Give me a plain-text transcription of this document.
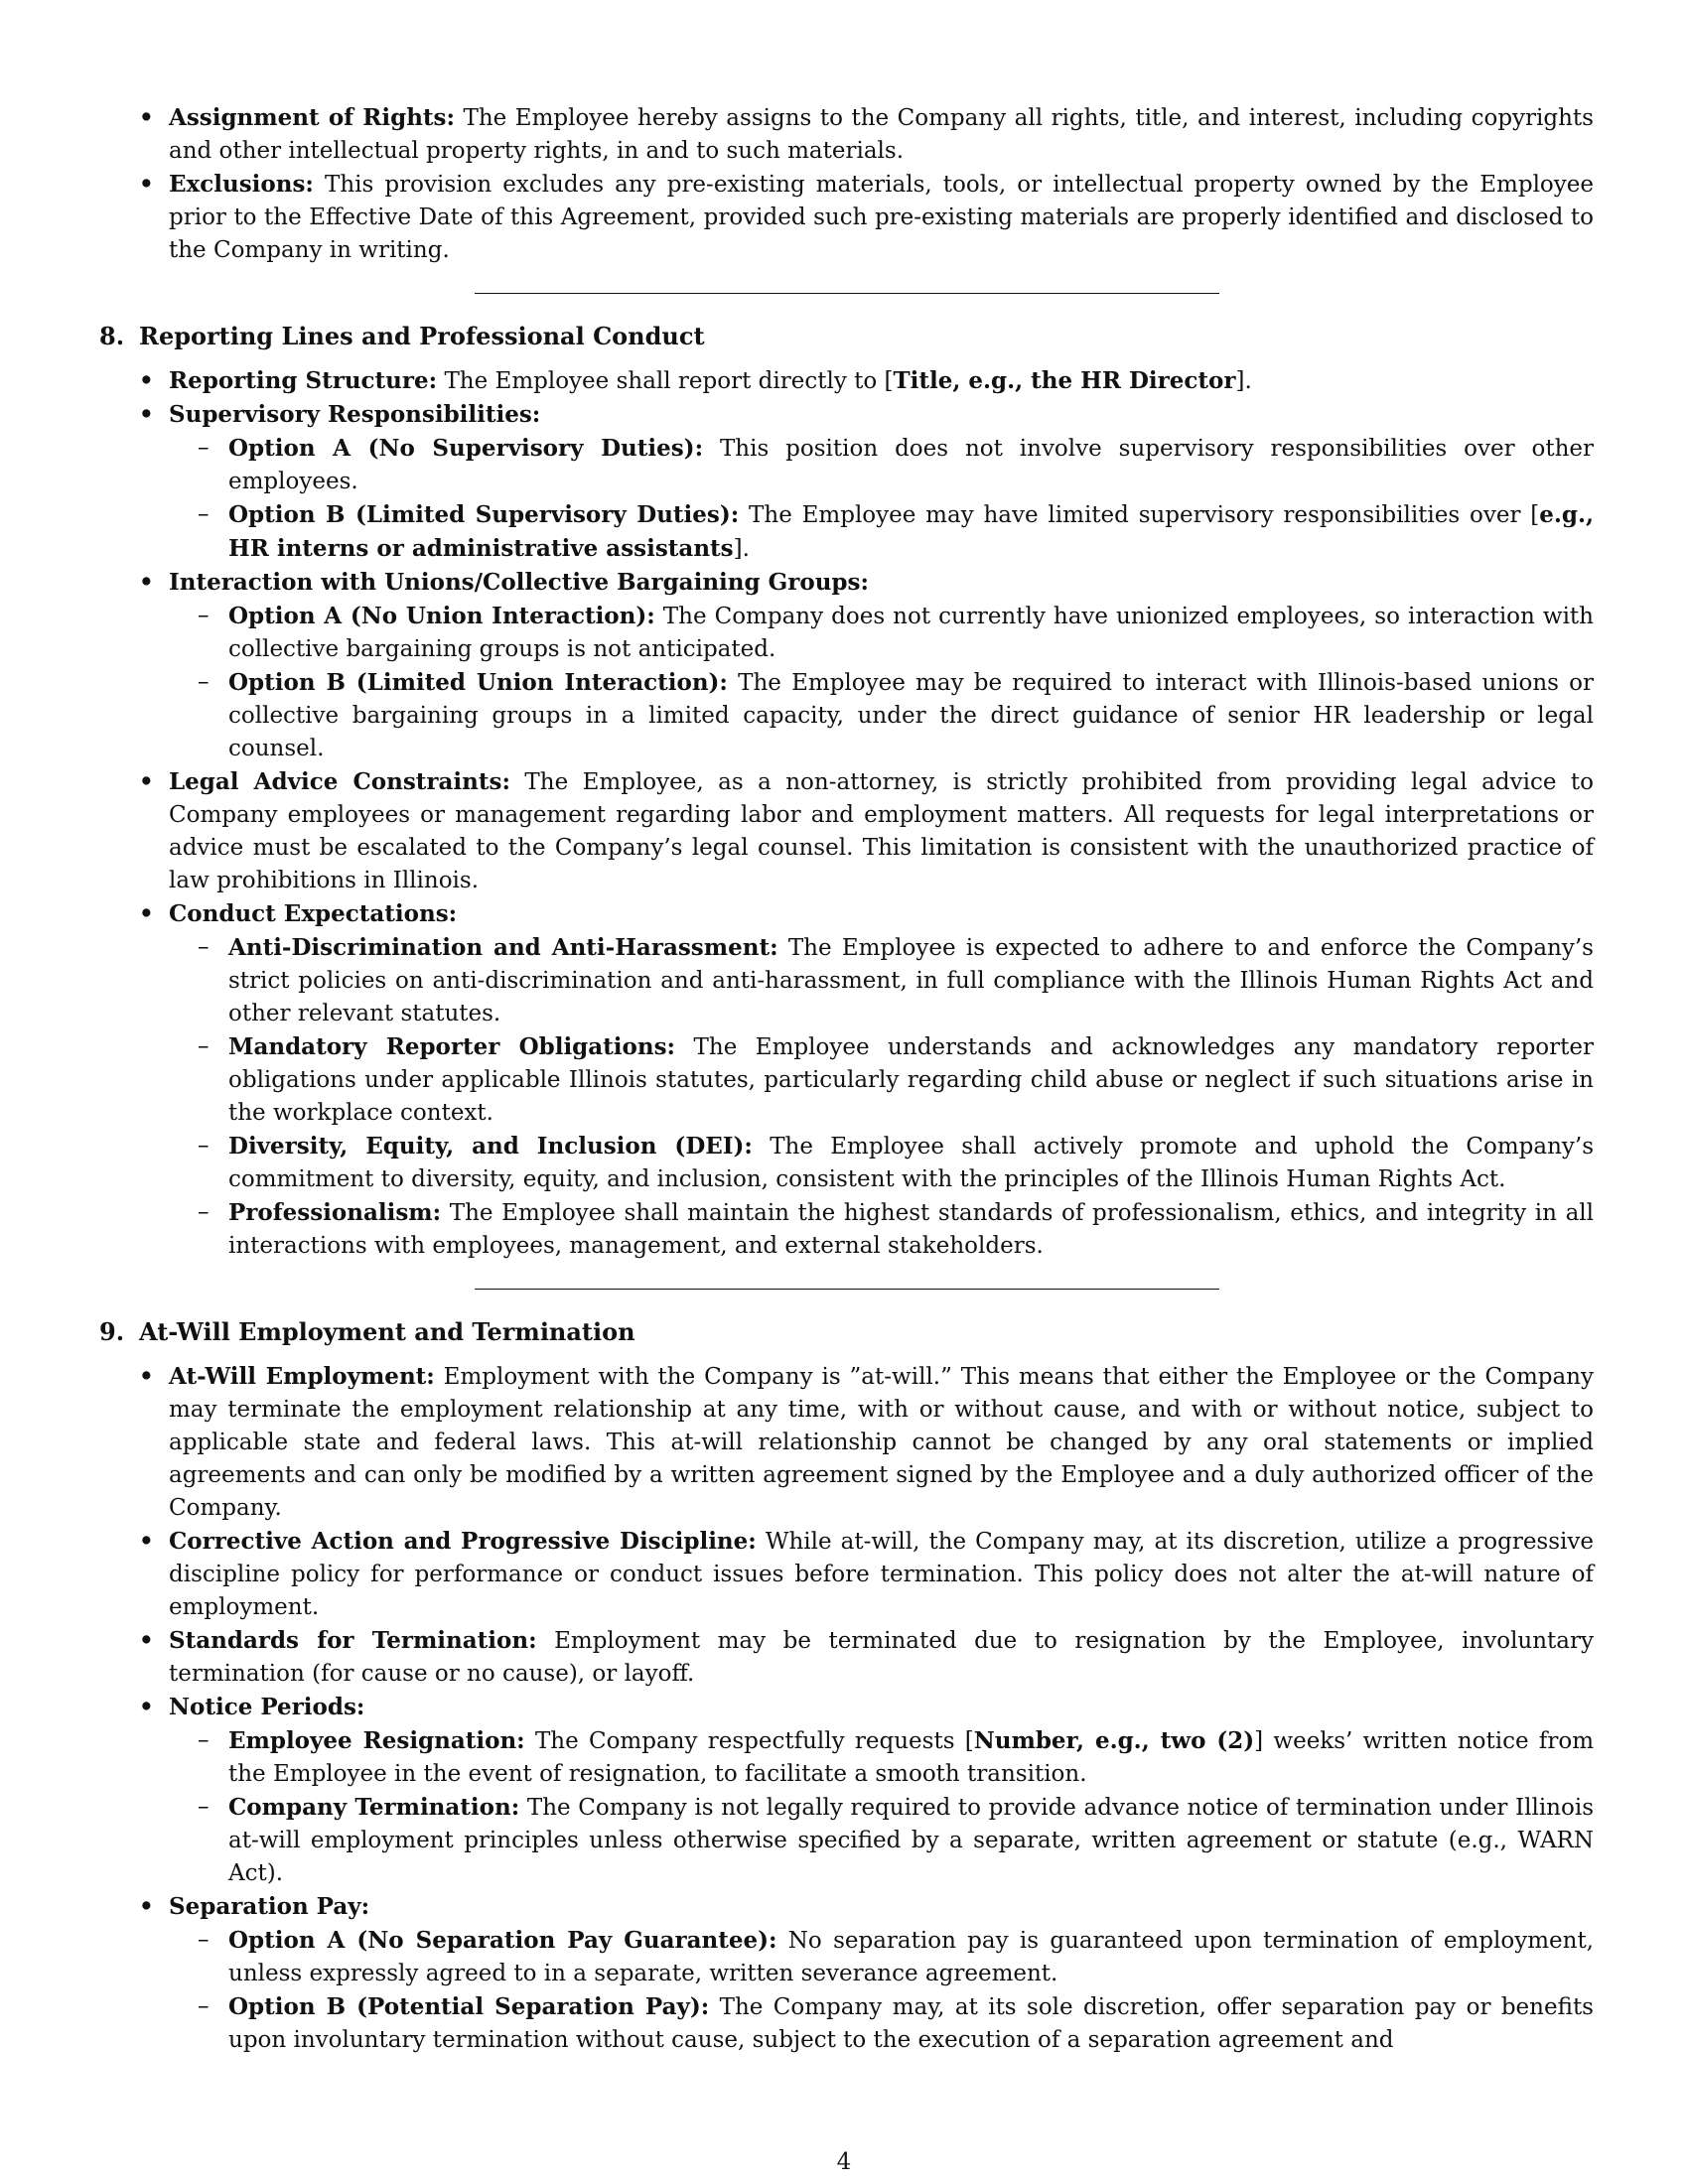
• Assignment of Rights: The Employee hereby assigns to the Company all rights, title, and interest, including copyrights and other intellectual property rights, in and to such materials.
• Exclusions: This provision excludes any pre-existing materials, tools, or intellectual property owned by the Employee prior to the Effective Date of this Agreement, provided such pre-existing materials are properly identified and disclosed to the Company in writing.
8. Reporting Lines and Professional Conduct
• Reporting Structure: The Employee shall report directly to [Title, e.g., the HR Director].
• Supervisory Responsibilities:
– Option A (No Supervisory Duties): This position does not involve supervisory responsibilities over other employees.
– Option B (Limited Supervisory Duties): The Employee may have limited supervisory responsibilities over [e.g., HR interns or administrative assistants].
• Interaction with Unions/Collective Bargaining Groups:
– Option A (No Union Interaction): The Company does not currently have unionized employees, so interaction with collective bargaining groups is not anticipated.
– Option B (Limited Union Interaction): The Employee may be required to interact with Illinois-based unions or collective bargaining groups in a limited capacity, under the direct guidance of senior HR leadership or legal counsel.
• Legal Advice Constraints: The Employee, as a non-attorney, is strictly prohibited from providing legal advice to Company employees or management regarding labor and employment matters. All requests for legal interpretations or advice must be escalated to the Company’s legal counsel. This limitation is consistent with the unauthorized practice of law prohibitions in Illinois.
• Conduct Expectations:
– Anti-Discrimination and Anti-Harassment: The Employee is expected to adhere to and enforce the Company’s strict policies on anti-discrimination and anti-harassment, in full compliance with the Illinois Human Rights Act and other relevant statutes.
– Mandatory Reporter Obligations: The Employee understands and acknowledges any mandatory reporter obligations under applicable Illinois statutes, particularly regarding child abuse or neglect if such situations arise in the workplace context.
– Diversity, Equity, and Inclusion (DEI): The Employee shall actively promote and uphold the Company’s commitment to diversity, equity, and inclusion, consistent with the principles of the Illinois Human Rights Act.
– Professionalism: The Employee shall maintain the highest standards of professionalism, ethics, and integrity in all interactions with employees, management, and external stakeholders.
9. At-Will Employment and Termination
• At-Will Employment: Employment with the Company is ”at-will.” This means that either the Employee or the Company may terminate the employment relationship at any time, with or without cause, and with or without notice, subject to applicable state and federal laws. This at-will relationship cannot be changed by any oral statements or implied agreements and can only be modified by a written agreement signed by the Employee and a duly authorized officer of the Company.
• Corrective Action and Progressive Discipline: While at-will, the Company may, at its discretion, utilize a progressive discipline policy for performance or conduct issues before termination. This policy does not alter the at-will nature of employment.
• Standards for Termination: Employment may be terminated due to resignation by the Employee, involuntary termination (for cause or no cause), or layoff.
• Notice Periods:
– Employee Resignation: The Company respectfully requests [Number, e.g., two (2)] weeks’ written notice from the Employee in the event of resignation, to facilitate a smooth transition.
– Company Termination: The Company is not legally required to provide advance notice of termination under Illinois at-will employment principles unless otherwise specified by a separate, written agreement or statute (e.g., WARN Act).
• Separation Pay:
– Option A (No Separation Pay Guarantee): No separation pay is guaranteed upon termination of employment, unless expressly agreed to in a separate, written severance agreement.
– Option B (Potential Separation Pay): The Company may, at its sole discretion, offer separation pay or benefits upon involuntary termination without cause, subject to the execution of a separation agreement and
4
